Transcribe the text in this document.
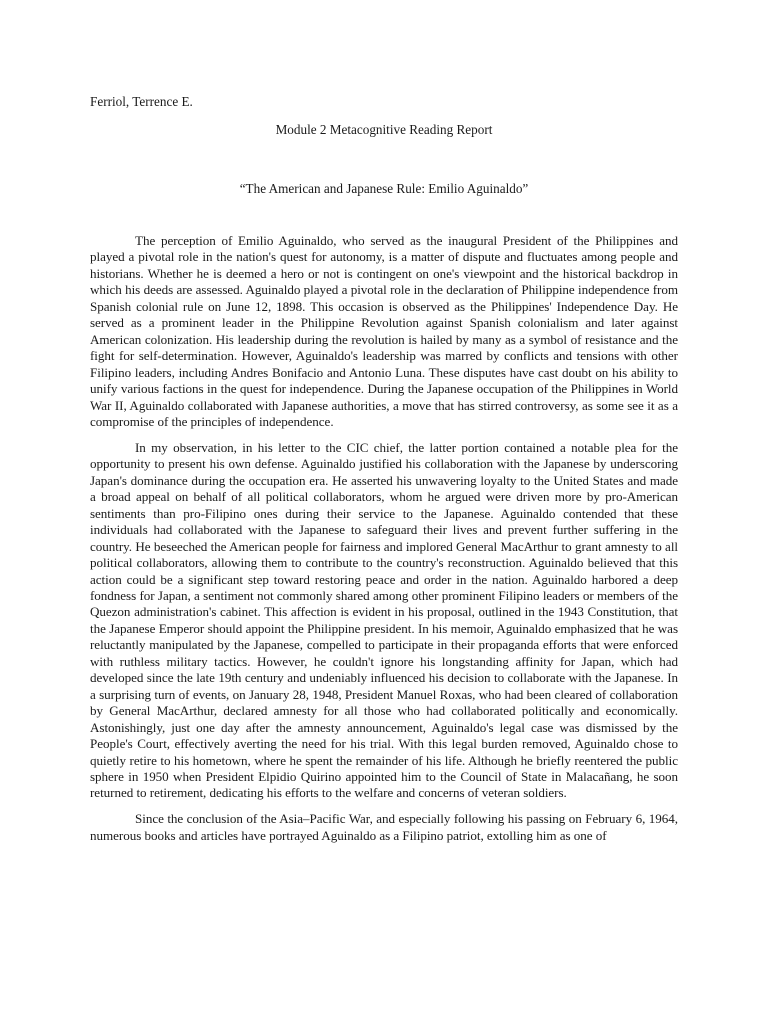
Ferriol, Terrence E.

Module 2 Metacognitive Reading Report

“The American and Japanese Rule: Emilio Aguinaldo”

The perception of Emilio Aguinaldo, who served as the inaugural President of the Philippines and played a pivotal role in the nation's quest for autonomy, is a matter of dispute and fluctuates among people and historians. Whether he is deemed a hero or not is contingent on one's viewpoint and the historical backdrop in which his deeds are assessed. Aguinaldo played a pivotal role in the declaration of Philippine independence from Spanish colonial rule on June 12, 1898. This occasion is observed as the Philippines' Independence Day. He served as a prominent leader in the Philippine Revolution against Spanish colonialism and later against American colonization. His leadership during the revolution is hailed by many as a symbol of resistance and the fight for self-determination. However, Aguinaldo's leadership was marred by conflicts and tensions with other Filipino leaders, including Andres Bonifacio and Antonio Luna. These disputes have cast doubt on his ability to unify various factions in the quest for independence. During the Japanese occupation of the Philippines in World War II, Aguinaldo collaborated with Japanese authorities, a move that has stirred controversy, as some see it as a compromise of the principles of independence.

In my observation, in his letter to the CIC chief, the latter portion contained a notable plea for the opportunity to present his own defense. Aguinaldo justified his collaboration with the Japanese by underscoring Japan's dominance during the occupation era. He asserted his unwavering loyalty to the United States and made a broad appeal on behalf of all political collaborators, whom he argued were driven more by pro-American sentiments than pro-Filipino ones during their service to the Japanese. Aguinaldo contended that these individuals had collaborated with the Japanese to safeguard their lives and prevent further suffering in the country. He beseeched the American people for fairness and implored General MacArthur to grant amnesty to all political collaborators, allowing them to contribute to the country's reconstruction. Aguinaldo believed that this action could be a significant step toward restoring peace and order in the nation. Aguinaldo harbored a deep fondness for Japan, a sentiment not commonly shared among other prominent Filipino leaders or members of the Quezon administration's cabinet. This affection is evident in his proposal, outlined in the 1943 Constitution, that the Japanese Emperor should appoint the Philippine president. In his memoir, Aguinaldo emphasized that he was reluctantly manipulated by the Japanese, compelled to participate in their propaganda efforts that were enforced with ruthless military tactics. However, he couldn't ignore his longstanding affinity for Japan, which had developed since the late 19th century and undeniably influenced his decision to collaborate with the Japanese. In a surprising turn of events, on January 28, 1948, President Manuel Roxas, who had been cleared of collaboration by General MacArthur, declared amnesty for all those who had collaborated politically and economically. Astonishingly, just one day after the amnesty announcement, Aguinaldo's legal case was dismissed by the People's Court, effectively averting the need for his trial. With this legal burden removed, Aguinaldo chose to quietly retire to his hometown, where he spent the remainder of his life. Although he briefly reentered the public sphere in 1950 when President Elpidio Quirino appointed him to the Council of State in Malacañang, he soon returned to retirement, dedicating his efforts to the welfare and concerns of veteran soldiers.

Since the conclusion of the Asia–Pacific War, and especially following his passing on February 6, 1964, numerous books and articles have portrayed Aguinaldo as a Filipino patriot, extolling him as one of
